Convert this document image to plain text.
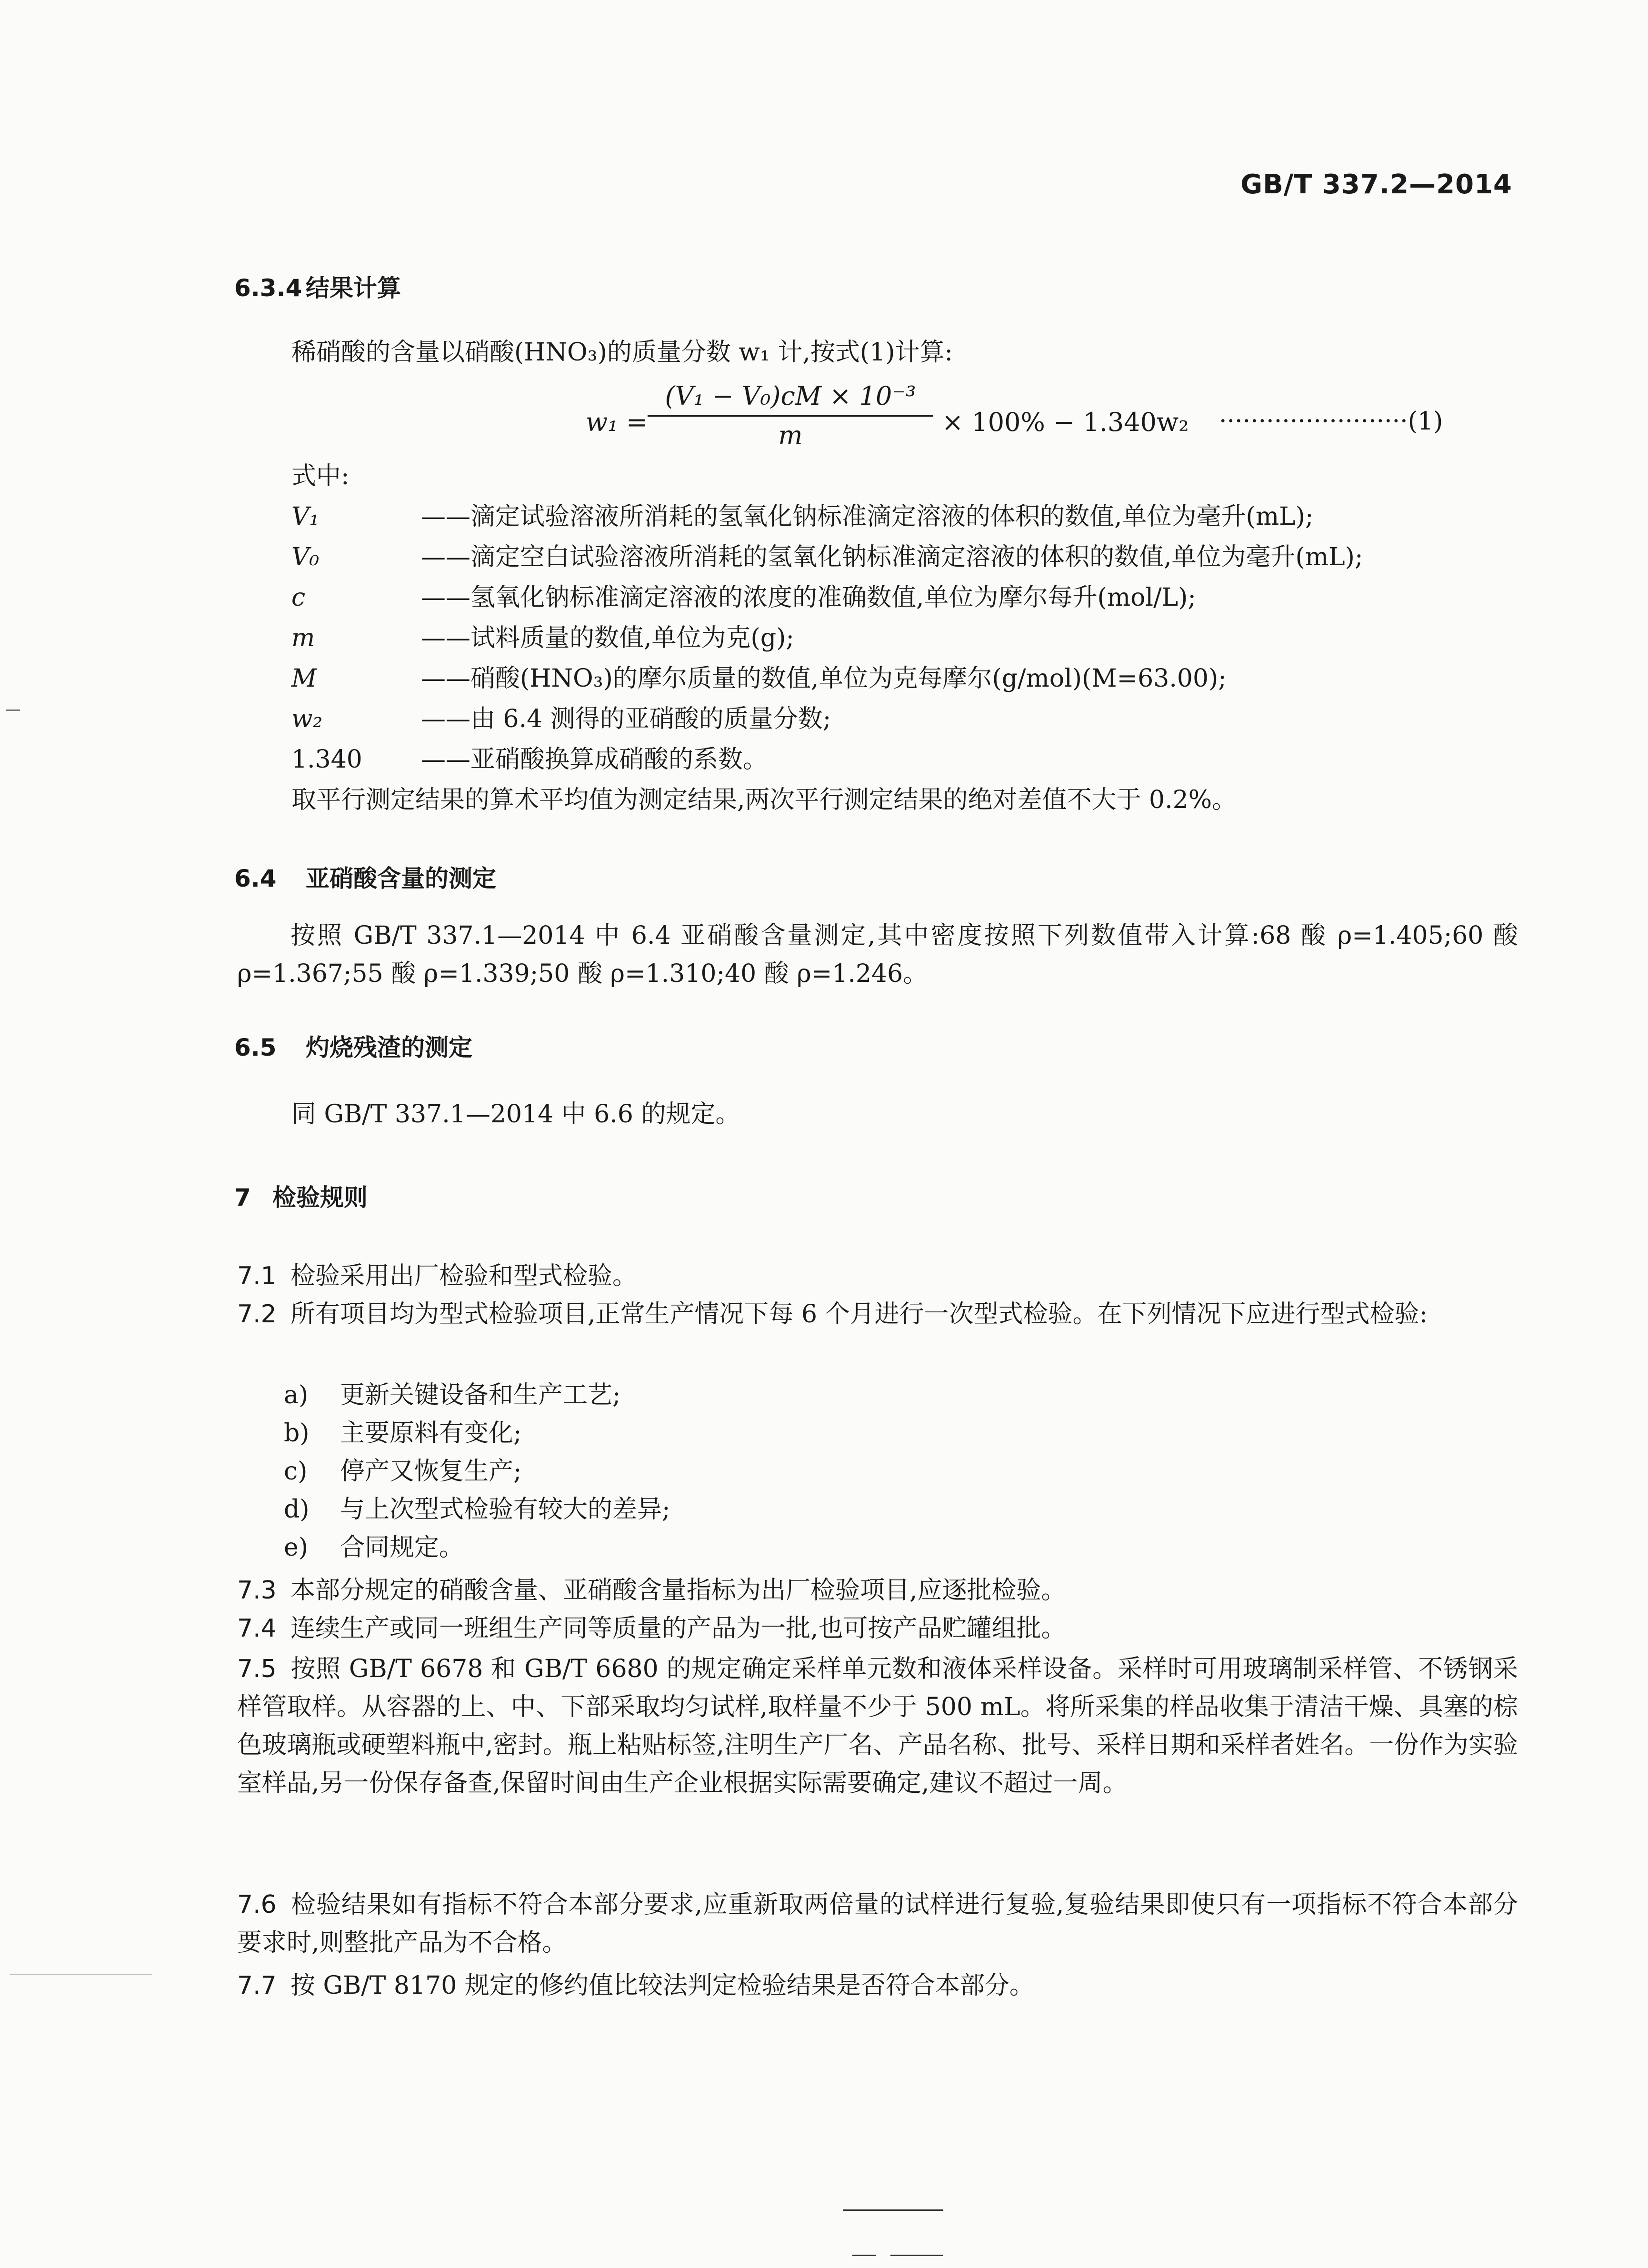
GB/T 337.2—2014
6.3.4 结果计算
稀硝酸的含量以硝酸(HNO₃)的质量分数 w₁ 计,按式(1)计算:
w₁ =
(V₁ − V₀)cM × 10⁻³
m	× 100% − 1.340w₂ ························(1)
式中:
V₁	——滴定试验溶液所消耗的氢氧化钠标准滴定溶液的体积的数值,单位为毫升(mL);
V₀	——滴定空白试验溶液所消耗的氢氧化钠标准滴定溶液的体积的数值,单位为毫升(mL);
c	——氢氧化钠标准滴定溶液的浓度的准确数值,单位为摩尔每升(mol/L);
m	——试料质量的数值,单位为克(g);
M	——硝酸(HNO₃)的摩尔质量的数值,单位为克每摩尔(g/mol)(M=63.00);
w₂	——由 6.4 测得的亚硝酸的质量分数;
1.340 ——亚硝酸换算成硝酸的系数。
取平行测定结果的算术平均值为测定结果,两次平行测定结果的绝对差值不大于 0.2%。
6.4 亚硝酸含量的测定
按照 GB/T 337.1—2014 中 6.4 亚硝酸含量测定,其中密度按照下列数值带入计算:68 酸 ρ=1.405;60 酸 ρ=1.367;55 酸 ρ=1.339;50 酸 ρ=1.310;40 酸 ρ=1.246。
6.5 灼烧残渣的测定
同 GB/T 337.1—2014 中 6.6 的规定。
7 检验规则
7.1 检验采用出厂检验和型式检验。
7.2 所有项目均为型式检验项目,正常生产情况下每 6 个月进行一次型式检验。在下列情况下应进行型式检验:
a) 更新关键设备和生产工艺;
b) 主要原料有变化;
c) 停产又恢复生产;
d) 与上次型式检验有较大的差异;
e) 合同规定。
7.3 本部分规定的硝酸含量、亚硝酸含量指标为出厂检验项目,应逐批检验。
7.4 连续生产或同一班组生产同等质量的产品为一批,也可按产品贮罐组批。
7.5 按照 GB/T 6678 和 GB/T 6680 的规定确定采样单元数和液体采样设备。采样时可用玻璃制采样管、不锈钢采样管取样。从容器的上、中、下部采取均匀试样,取样量不少于 500 mL。将所采集的样品收集于清洁干燥、具塞的棕色玻璃瓶或硬塑料瓶中,密封。瓶上粘贴标签,注明生产厂名、产品名称、批号、采样日期和采样者姓名。一份作为实验室样品,另一份保存备查,保留时间由生产企业根据实际需要确定,建议不超过一周。
7.6 检验结果如有指标不符合本部分要求,应重新取两倍量的试样进行复验,复验结果即使只有一项指标不符合本部分要求时,则整批产品为不合格。
7.7 按 GB/T 8170 规定的修约值比较法判定检验结果是否符合本部分。
